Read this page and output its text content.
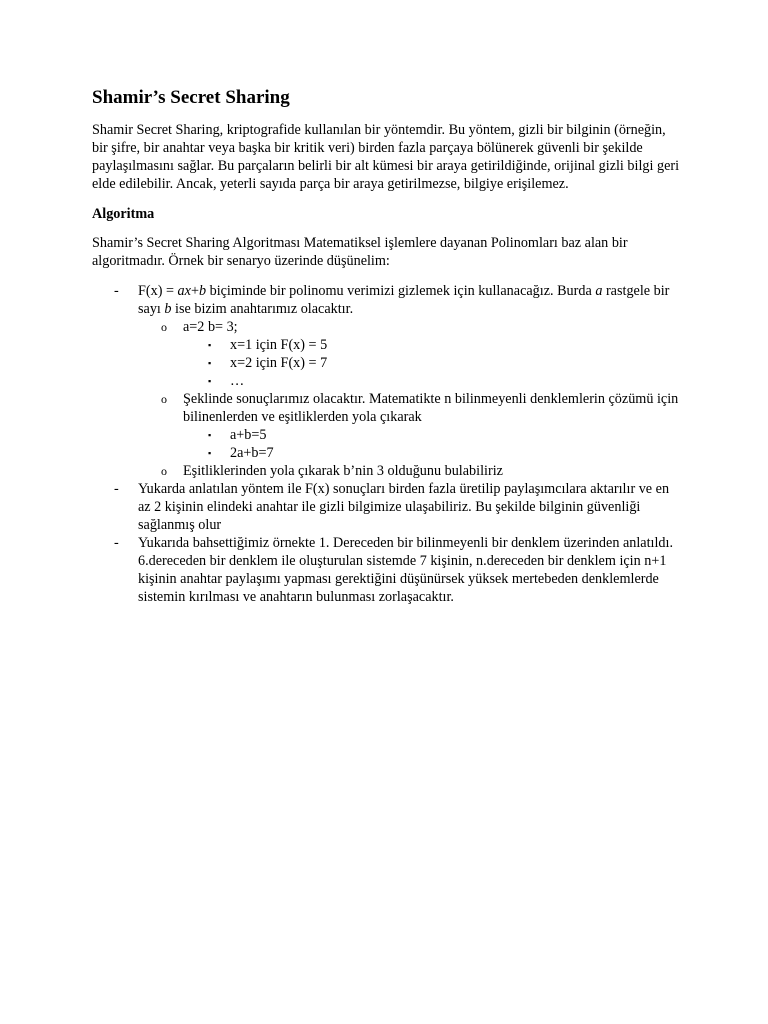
Shamir’s Secret Sharing

Shamir Secret Sharing, kriptografide kullanılan bir yöntemdir. Bu yöntem, gizli bir bilginin (örneğin, bir şifre, bir anahtar veya başka bir kritik veri) birden fazla parçaya bölünerek güvenli bir şekilde paylaşılmasını sağlar. Bu parçaların belirli bir alt kümesi bir araya getirildiğinde, orijinal gizli bilgi geri elde edilebilir. Ancak, yeterli sayıda parça bir araya getirilmezse, bilgiye erişilemez.

Algoritma

Shamir’s Secret Sharing Algoritması Matematiksel işlemlere dayanan Polinomları baz alan bir algoritmadır. Örnek bir senaryo üzerinde düşünelim:

- F(x) = ax+b biçiminde bir polinomu verimizi gizlemek için kullanacağız. Burda a rastgele bir sayı b ise bizim anahtarımız olacaktır.
o a=2 b= 3;
▪ x=1 için F(x) = 5
▪ x=2 için F(x) = 7
▪ …
o Şeklinde sonuçlarımız olacaktır. Matematikte n bilinmeyenli denklemlerin çözümü için bilinenlerden ve eşitliklerden yola çıkarak
▪ a+b=5
▪ 2a+b=7
o Eşitliklerinden yola çıkarak b’nin 3 olduğunu bulabiliriz
- Yukarda anlatılan yöntem ile F(x) sonuçları birden fazla üretilip paylaşımcılara aktarılır ve en az 2 kişinin elindeki anahtar ile gizli bilgimize ulaşabiliriz. Bu şekilde bilginin güvenliği sağlanmış olur
- Yukarıda bahsettiğimiz örnekte 1. Dereceden bir bilinmeyenli bir denklem üzerinden anlatıldı. 6.dereceden bir denklem ile oluşturulan sistemde 7 kişinin, n.dereceden bir denklem için n+1 kişinin anahtar paylaşımı yapması gerektiğini düşünürsek yüksek mertebeden denklemlerde sistemin kırılması ve anahtarın bulunması zorlaşacaktır.
